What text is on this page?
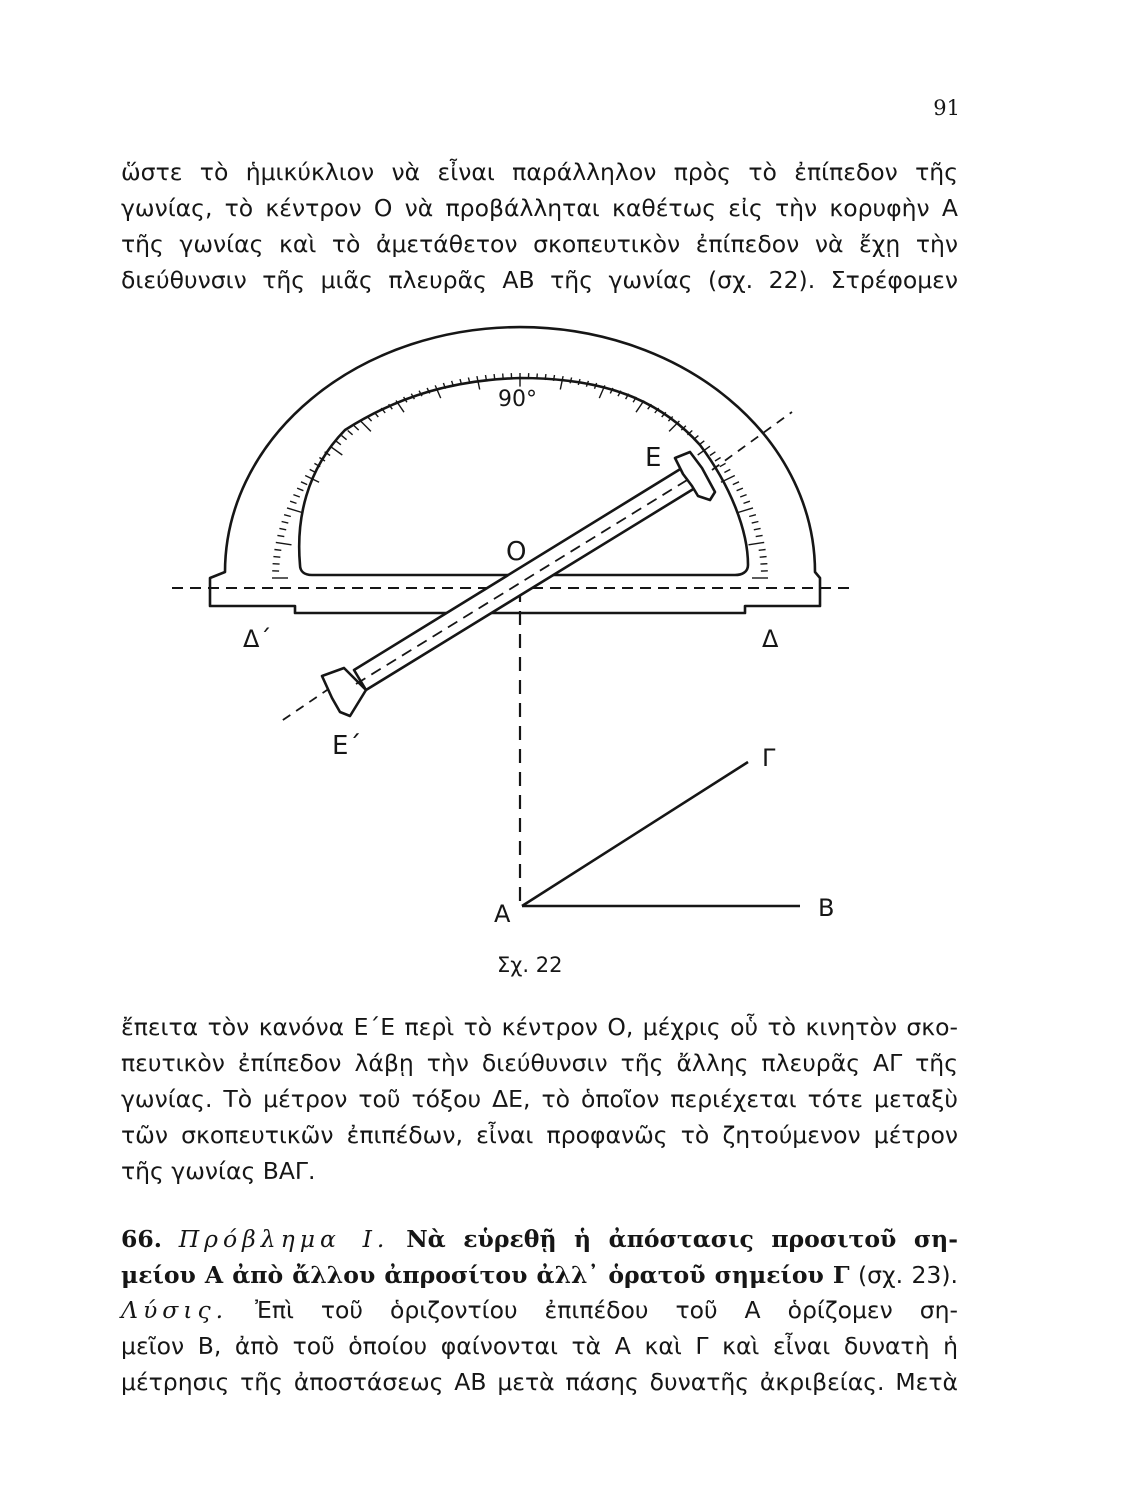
91

ὥστε τὸ ἡμικύκλιον νὰ εἶναι παράλληλον πρὸς τὸ ἐπίπεδον τῆς
γωνίας, τὸ κέντρον Ο νὰ προβάλληται καθέτως εἰς τὴν κορυφὴν Α
τῆς γωνίας καὶ τὸ ἀμετάθετον σκοπευτικὸν ἐπίπεδον νὰ ἔχῃ τὴν
διεύθυνσιν τῆς μιᾶς πλευρᾶς ΑΒ τῆς γωνίας (σχ. 22). Στρέφομεν

90°
Ο
Ε
Ε΄
Δ
Δ΄
Α	Β
Γ
Σχ. 22

ἔπειτα τὸν κανόνα Ε΄Ε περὶ τὸ κέντρον Ο, μέχρις οὗ τὸ κινητὸν σκο-
πευτικὸν ἐπίπεδον λάβῃ τὴν διεύθυνσιν τῆς ἄλλης πλευρᾶς ΑΓ τῆς
γωνίας. Τὸ μέτρον τοῦ τόξου ΔΕ, τὸ ὁποῖον περιέχεται τότε μεταξὺ
τῶν σκοπευτικῶν ἐπιπέδων, εἶναι προφανῶς τὸ ζητούμενον μέτρον
τῆς γωνίας ΒΑΓ.

66. Πρόβλημα Ι. Νὰ εὑρεθῇ ἡ ἀπόστασις προσιτοῦ ση-
μείου Α ἀπὸ ἄλλου ἀπροσίτου ἀλλ᾽ ὁρατοῦ σημείου Γ (σχ. 23).

Λύσις. Ἐπὶ τοῦ ὁριζοντίου ἐπιπέδου τοῦ Α ὁρίζομεν ση-
μεῖον Β, ἀπὸ τοῦ ὁποίου φαίνονται τὰ Α καὶ Γ καὶ εἶναι δυνατὴ ἡ
μέτρησις τῆς ἀποστάσεως ΑΒ μετὰ πάσης δυνατῆς ἀκριβείας. Μετὰ
